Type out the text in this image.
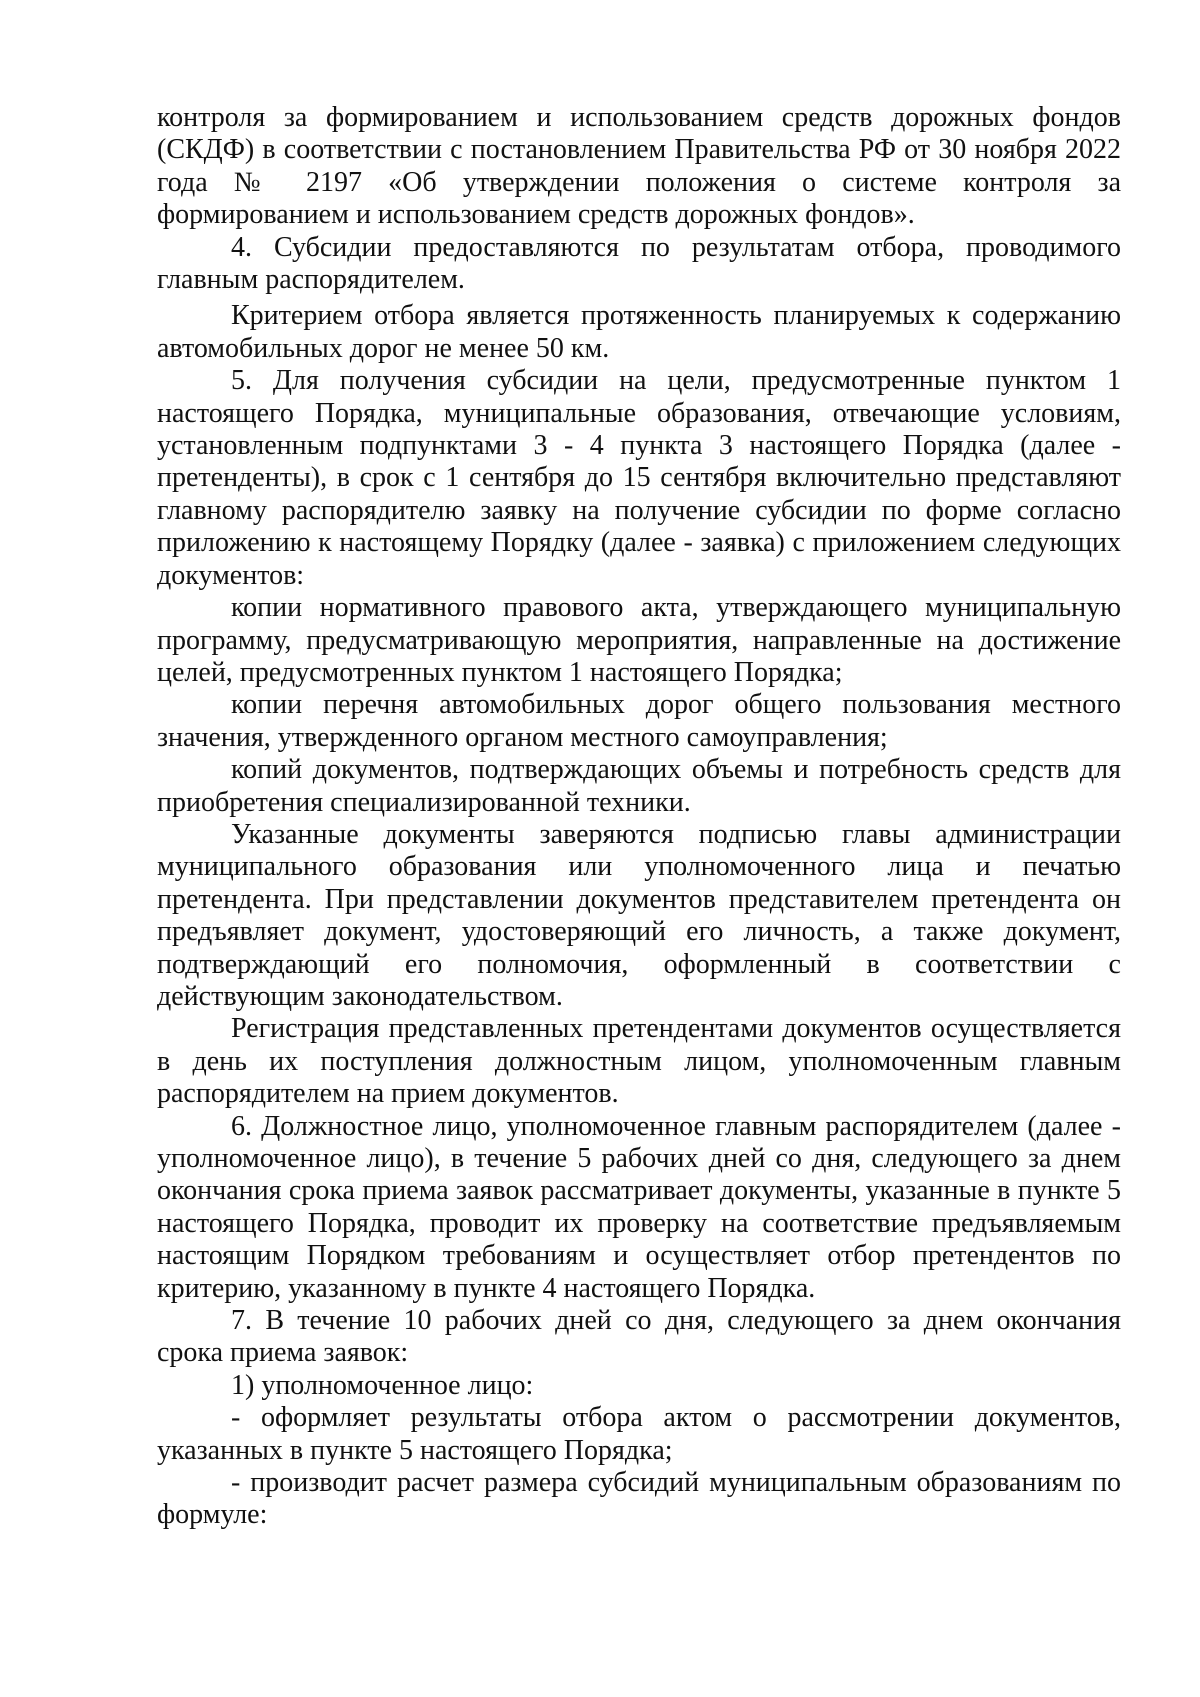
контроля за формированием и использованием средств дорожных фондов (СКДФ) в соответствии с постановлением Правительства РФ от 30 ноября 2022 года № 2197 «Об утверждении положения о системе контроля за формированием и использованием средств дорожных фондов».

4. Субсидии предоставляются по результатам отбора, проводимого главным распорядителем.

Критерием отбора является протяженность планируемых к содержанию автомобильных дорог не менее 50 км.

5. Для получения субсидии на цели, предусмотренные пунктом 1 настоящего Порядка, муниципальные образования, отвечающие условиям, установленным подпунктами 3 - 4 пункта 3 настоящего Порядка (далее - претенденты), в срок с 1 сентября до 15 сентября включительно представляют главному распорядителю заявку на получение субсидии по форме согласно приложению к настоящему Порядку (далее - заявка) с приложением следующих документов:

копии нормативного правового акта, утверждающего муниципальную программу, предусматривающую мероприятия, направленные на достижение целей, предусмотренных пунктом 1 настоящего Порядка;

копии перечня автомобильных дорог общего пользования местного значения, утвержденного органом местного самоуправления;

копий документов, подтверждающих объемы и потребность средств для приобретения специализированной техники.

Указанные документы заверяются подписью главы администрации муниципального образования или уполномоченного лица и печатью претендента. При представлении документов представителем претендента он предъявляет документ, удостоверяющий его личность, а также документ, подтверждающий его полномочия, оформленный в соответствии с действующим законодательством.

Регистрация представленных претендентами документов осуществляется в день их поступления должностным лицом, уполномоченным главным распорядителем на прием документов.

6. Должностное лицо, уполномоченное главным распорядителем (далее - уполномоченное лицо), в течение 5 рабочих дней со дня, следующего за днем окончания срока приема заявок рассматривает документы, указанные в пункте 5 настоящего Порядка, проводит их проверку на соответствие предъявляемым настоящим Порядком требованиям и осуществляет отбор претендентов по критерию, указанному в пункте 4 настоящего Порядка.

7. В течение 10 рабочих дней со дня, следующего за днем окончания срока приема заявок:

1) уполномоченное лицо:

- оформляет результаты отбора актом о рассмотрении документов, указанных в пункте 5 настоящего Порядка;

- производит расчет размера субсидий муниципальным образованиям по формуле:
